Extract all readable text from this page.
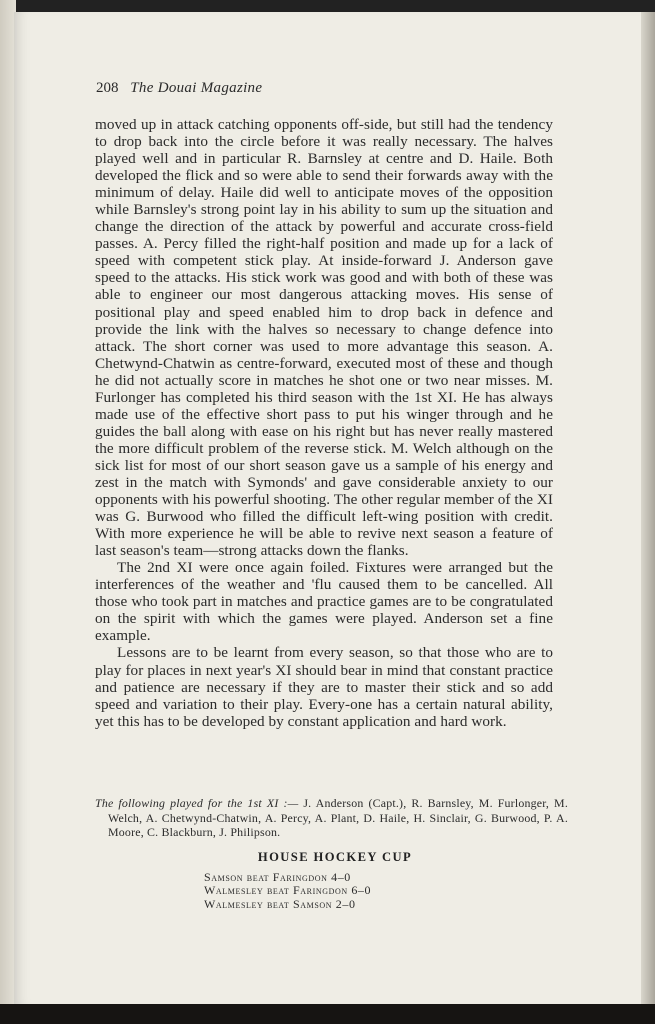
208 The Douai Magazine

moved up in attack catching opponents off-side, but still had the tendency to drop back into the circle before it was really necessary. The halves played well and in particular R. Barnsley at centre and D. Haile. Both developed the flick and so were able to send their forwards away with the minimum of delay. Haile did well to anticipate moves of the opposition while Barnsley's strong point lay in his ability to sum up the situation and change the direction of the attack by powerful and accurate cross-field passes. A. Percy filled the right-half position and made up for a lack of speed with competent stick play. At inside-forward J. Anderson gave speed to the attacks. His stick work was good and with both of these was able to engineer our most dangerous attacking moves. His sense of positional play and speed enabled him to drop back in defence and provide the link with the halves so necessary to change defence into attack. The short corner was used to more advantage this season. A. Chetwynd-Chatwin as centre-forward, executed most of these and though he did not actually score in matches he shot one or two near misses. M. Furlonger has completed his third season with the 1st XI. He has always made use of the effective short pass to put his winger through and he guides the ball along with ease on his right but has never really mastered the more difficult problem of the reverse stick. M. Welch although on the sick list for most of our short season gave us a sample of his energy and zest in the match with Symonds' and gave considerable anxiety to our opponents with his powerful shooting. The other regular member of the XI was G. Burwood who filled the difficult left-wing position with credit. With more experience he will be able to revive next season a feature of last season's team—strong attacks down the flanks.

The 2nd XI were once again foiled. Fixtures were arranged but the interferences of the weather and 'flu caused them to be cancelled. All those who took part in matches and practice games are to be congratulated on the spirit with which the games were played. Anderson set a fine example.

Lessons are to be learnt from every season, so that those who are to play for places in next year's XI should bear in mind that constant practice and patience are necessary if they are to master their stick and so add speed and variation to their play. Every-one has a certain natural ability, yet this has to be developed by constant application and hard work.

The following played for the 1st XI :— J. Anderson (Capt.), R. Barnsley, M. Furlonger, M. Welch, A. Chetwynd-Chatwin, A. Percy, A. Plant, D. Haile, H. Sinclair, G. Burwood, P. A. Moore, C. Blackburn, J. Philipson.
HOUSE HOCKEY CUP
Samson beat Faringdon 4–0
Walmesley beat Faringdon 6–0
Walmesley beat Samson 2–0
